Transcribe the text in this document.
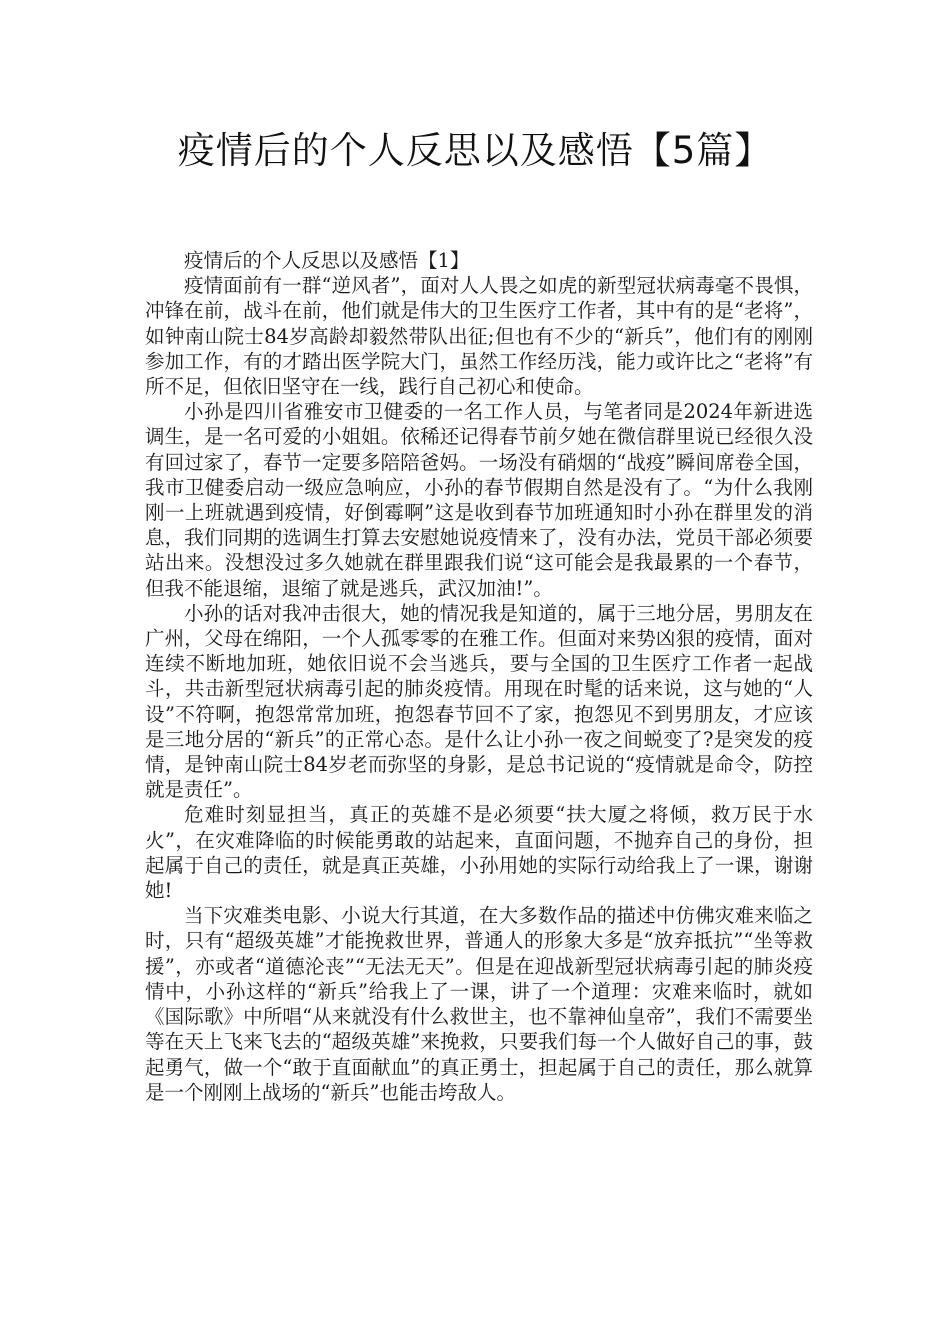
疫情后的个人反思以及感悟【5篇】

疫情后的个人反思以及感悟【1】

疫情面前有一群“逆风者”，面对人人畏之如虎的新型冠状病毒毫不畏惧，冲锋在前，战斗在前，他们就是伟大的卫生医疗工作者，其中有的是“老将”，如钟南山院士84岁高龄却毅然带队出征;但也有不少的“新兵”，他们有的刚刚参加工作，有的才踏出医学院大门，虽然工作经历浅，能力或许比之“老将”有所不足，但依旧坚守在一线，践行自己初心和使命。

小孙是四川省雅安市卫健委的一名工作人员，与笔者同是2024年新进选调生，是一名可爱的小姐姐。依稀还记得春节前夕她在微信群里说已经很久没有回过家了，春节一定要多陪陪爸妈。一场没有硝烟的“战疫”瞬间席卷全国，我市卫健委启动一级应急响应，小孙的春节假期自然是没有了。“为什么我刚刚一上班就遇到疫情，好倒霉啊”这是收到春节加班通知时小孙在群里发的消息，我们同期的选调生打算去安慰她说疫情来了，没有办法，党员干部必须要站出来。没想没过多久她就在群里跟我们说“这可能会是我最累的一个春节，但我不能退缩，退缩了就是逃兵，武汉加油!”。

小孙的话对我冲击很大，她的情况我是知道的，属于三地分居，男朋友在广州，父母在绵阳，一个人孤零零的在雅工作。但面对来势凶狠的疫情，面对连续不断地加班，她依旧说不会当逃兵，要与全国的卫生医疗工作者一起战斗，共击新型冠状病毒引起的肺炎疫情。用现在时髦的话来说，这与她的“人设”不符啊，抱怨常常加班，抱怨春节回不了家，抱怨见不到男朋友，才应该是三地分居的“新兵”的正常心态。是什么让小孙一夜之间蜕变了?是突发的疫情，是钟南山院士84岁老而弥坚的身影，是总书记说的“疫情就是命令，防控就是责任”。

危难时刻显担当，真正的英雄不是必须要“扶大厦之将倾，救万民于水火”，在灾难降临的时候能勇敢的站起来，直面问题，不抛弃自己的身份，担起属于自己的责任，就是真正英雄，小孙用她的实际行动给我上了一课，谢谢她!

当下灾难类电影、小说大行其道，在大多数作品的描述中仿佛灾难来临之时，只有“超级英雄”才能挽救世界，普通人的形象大多是“放弃抵抗”“坐等救援”，亦或者“道德沦丧”“无法无天”。但是在迎战新型冠状病毒引起的肺炎疫情中，小孙这样的“新兵”给我上了一课，讲了一个道理：灾难来临时，就如《国际歌》中所唱“从来就没有什么救世主，也不靠神仙皇帝”，我们不需要坐等在天上飞来飞去的“超级英雄”来挽救，只要我们每一个人做好自己的事，鼓起勇气，做一个“敢于直面献血”的真正勇士，担起属于自己的责任，那么就算是一个刚刚上战场的“新兵”也能击垮敌人。
